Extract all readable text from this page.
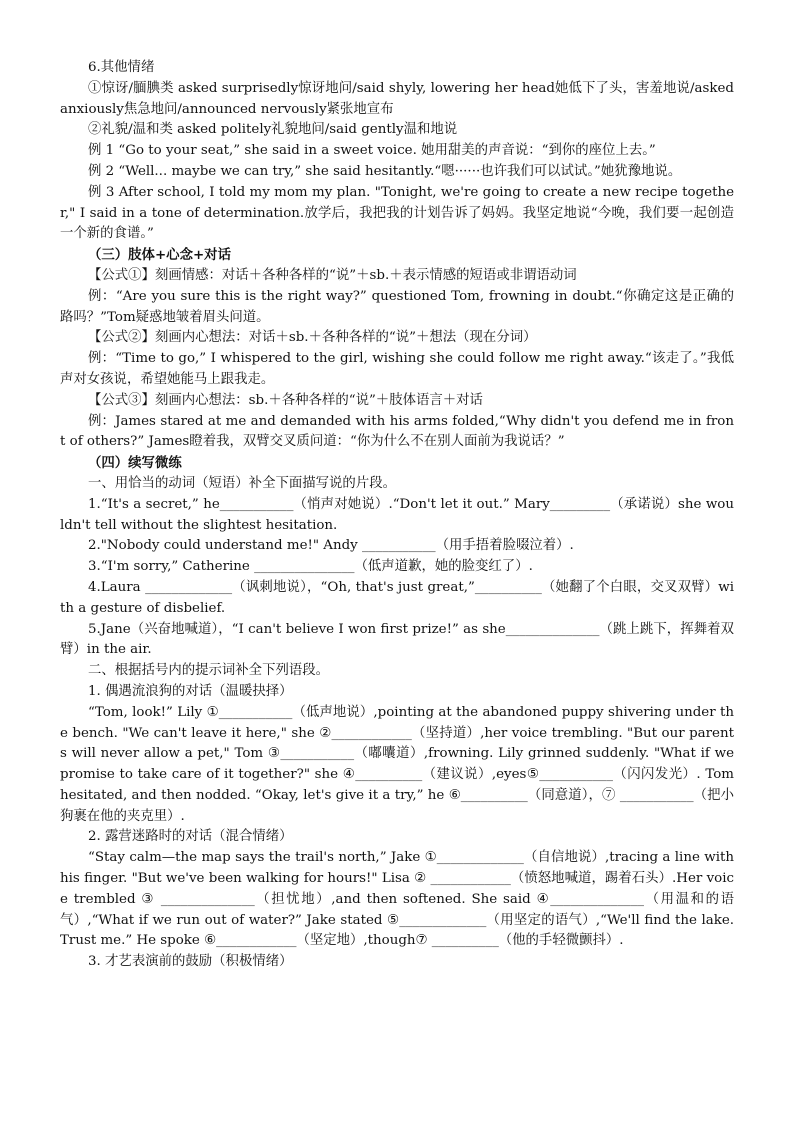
6.其他情绪

①惊讶/腼腆类 asked surprisedly惊讶地问/said shyly, lowering her head她低下了头，害羞地说/asked anxiously焦急地问/announced nervously紧张地宣布

②礼貌/温和类 asked politely礼貌地问/said gently温和地说

例 1 “Go to your seat,” she said in a sweet voice. 她用甜美的声音说：“到你的座位上去。”

例 2 “Well... maybe we can try,” she said hesitantly.“嗯······也许我们可以试试。”她犹豫地说。

例 3 After school, I told my mom my plan. "Tonight, we're going to create a new recipe together," I said in a tone of determination.放学后，我把我的计划告诉了妈妈。我坚定地说“今晚，我们要一起创造一个新的食谱。”

（三）肢体+心念+对话

【公式①】刻画情感：对话＋各种各样的“说”＋sb.＋表示情感的短语或非谓语动词

例：“Are you sure this is the right way?” questioned Tom, frowning in doubt.“你确定这是正确的路吗？”Tom疑惑地皱着眉头问道。

【公式②】刻画内心想法：对话＋sb.＋各种各样的“说”＋想法（现在分词）

例：“Time to go,” I whispered to the girl, wishing she could follow me right away.“该走了。”我低声对女孩说，希望她能马上跟我走。

【公式③】刻画内心想法：sb.＋各种各样的“说”＋肢体语言＋对话

例：James stared at me and demanded with his arms folded,“Why didn't you defend me in front of others?” James瞪着我，双臂交叉质问道：“你为什么不在别人面前为我说话？”

（四）续写微练

一、用恰当的动词（短语）补全下面描写说的片段。

1.“It's a secret,” he___________（悄声对她说）.“Don't let it out.” Mary_________（承诺说）she wouldn't tell without the slightest hesitation.

2."Nobody could understand me!" Andy ___________（用手捂着脸啜泣着）.

3.“I'm sorry,” Catherine _______________（低声道歉，她的脸变红了）.

4.Laura _____________（讽刺地说），“Oh, that's just great,”__________（她翻了个白眼，交叉双臂）with a gesture of disbelief.

5.Jane（兴奋地喊道），“I can't believe I won first prize!” as she______________（跳上跳下，挥舞着双臂）in the air.

二、根据括号内的提示词补全下列语段。

1. 偶遇流浪狗的对话（温暖抉择）

“Tom, look!” Lily ①___________（低声地说）,pointing at the abandoned puppy shivering under the bench. "We can't leave it here," she ②____________（坚持道）,her voice trembling. "But our parents will never allow a pet," Tom ③___________（嘟囔道）,frowning. Lily grinned suddenly. "What if we promise to take care of it together?" she ④__________（建议说）,eyes⑤___________（闪闪发光）. Tom hesitated, and then nodded. “Okay, let's give it a try,” he ⑥__________（同意道），⑦ ___________（把小狗裹在他的夹克里）.

2. 露营迷路时的对话（混合情绪）

“Stay calm—the map says the trail's north,” Jake ①_____________（自信地说）,tracing a line with his finger. "But we've been walking for hours!" Lisa ② ____________（愤怒地喊道，踢着石头）.Her voice trembled ③ ______________（担忧地）,and then softened. She said ④______________（用温和的语气）,“What if we run out of water?” Jake stated ⑤_____________（用坚定的语气）,“We'll find the lake. Trust me.” He spoke ⑥____________（坚定地）,though⑦ __________（他的手轻微颤抖）.

3. 才艺表演前的鼓励（积极情绪）
